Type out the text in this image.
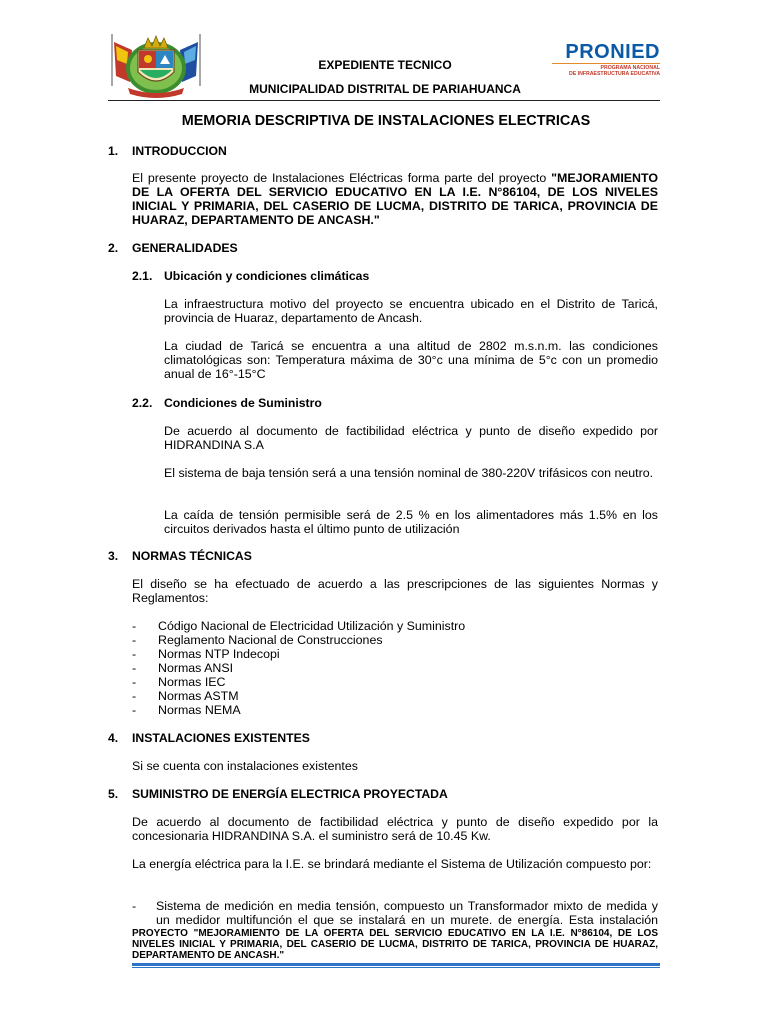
EXPEDIENTE TECNICO
MUNICIPALIDAD DISTRITAL DE PARIAHUANCA
PRONIED
PROGRAMA NACIONAL
DE INFRAESTRUCTURA EDUCATIVA
MEMORIA DESCRIPTIVA DE INSTALACIONES ELECTRICAS
1. INTRODUCCION
El presente proyecto de Instalaciones Eléctricas forma parte del proyecto "MEJORAMIENTO DE LA OFERTA DEL SERVICIO EDUCATIVO EN LA I.E. N°86104, DE LOS NIVELES INICIAL Y PRIMARIA, DEL CASERIO DE LUCMA, DISTRITO DE TARICA, PROVINCIA DE HUARAZ, DEPARTAMENTO DE ANCASH."
2. GENERALIDADES
2.1. Ubicación y condiciones climáticas
La infraestructura motivo del proyecto se encuentra ubicado en el Distrito de Taricá, provincia de Huaraz, departamento de Ancash.
La ciudad de Taricá se encuentra a una altitud de 2802 m.s.n.m. las condiciones climatológicas son: Temperatura máxima de 30°c una mínima de 5°c con un promedio anual de 16°-15°C
2.2. Condiciones de Suministro
De acuerdo al documento de factibilidad eléctrica y punto de diseño expedido por HIDRANDINA S.A
El sistema de baja tensión será a una tensión nominal de 380-220V trifásicos con neutro.
La caída de tensión permisible será de 2.5 % en los alimentadores más 1.5% en los circuitos derivados hasta el último punto de utilización
3. NORMAS TÉCNICAS
El diseño se ha efectuado de acuerdo a las prescripciones de las siguientes Normas y Reglamentos:
- Código Nacional de Electricidad Utilización y Suministro
- Reglamento Nacional de Construcciones
- Normas NTP Indecopi
- Normas ANSI
- Normas IEC
- Normas ASTM
- Normas NEMA
4. INSTALACIONES EXISTENTES
Si se cuenta con instalaciones existentes
5. SUMINISTRO DE ENERGÍA ELECTRICA PROYECTADA
De acuerdo al documento de factibilidad eléctrica y punto de diseño expedido por la concesionaria HIDRANDINA S.A. el suministro será de 10.45 Kw.
La energía eléctrica para la I.E. se brindará mediante el Sistema de Utilización compuesto por:
- Sistema de medición en media tensión, compuesto un Transformador mixto de medida y un medidor multifunción el que se instalará en un murete. de energía. Esta instalación
PROYECTO "MEJORAMIENTO DE LA OFERTA DEL SERVICIO EDUCATIVO EN LA I.E. N°86104, DE LOS NIVELES INICIAL Y PRIMARIA, DEL CASERIO DE LUCMA, DISTRITO DE TARICA, PROVINCIA DE HUARAZ, DEPARTAMENTO DE ANCASH."
